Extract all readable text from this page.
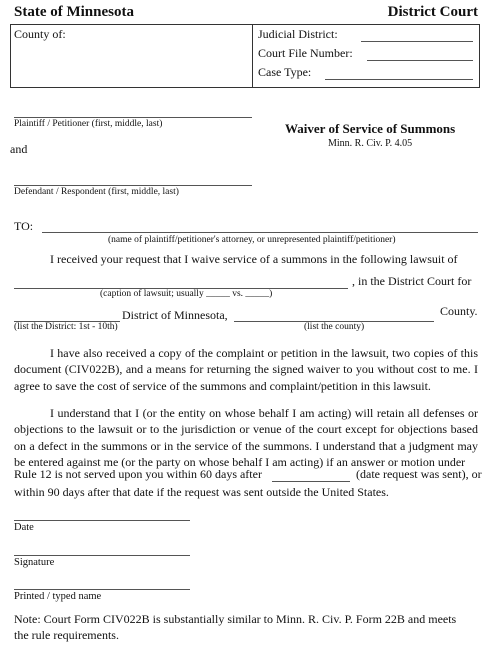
State of Minnesota	District Court
County of:	Judicial District:
Court File Number:
Case Type:
Plaintiff / Petitioner (first, middle, last)
and
Defendant / Respondent (first, middle, last)
Waiver of Service of Summons
Minn. R. Civ. P. 4.05
TO:
(name of plaintiff/petitioner's attorney, or unrepresented plaintiff/petitioner)
I received your request that I waive service of a summons in the following lawsuit of
, in the District Court for
(caption of lawsuit; usually _____ vs. _____)
District of Minnesota,	County.
(list the District: 1st - 10th)	(list the county)

I have also received a copy of the complaint or petition in the lawsuit, two copies of this document (CIV022B), and a means for returning the signed waiver to you without cost to me. I agree to save the cost of service of the summons and complaint/petition in this lawsuit.

I understand that I (or the entity on whose behalf I am acting) will retain all defenses or objections to the lawsuit or to the jurisdiction or venue of the court except for objections based on a defect in the summons or in the service of the summons. I understand that a judgment may be entered against me (or the party on whose behalf I am acting) if an answer or motion under

Rule 12 is not served upon you within 60 days after	(date request was sent), or
within 90 days after that date if the request was sent outside the United States.
Date
Signature
Printed / typed name
Note: Court Form CIV022B is substantially similar to Minn. R. Civ. P. Form 22B and meets
the rule requirements.
